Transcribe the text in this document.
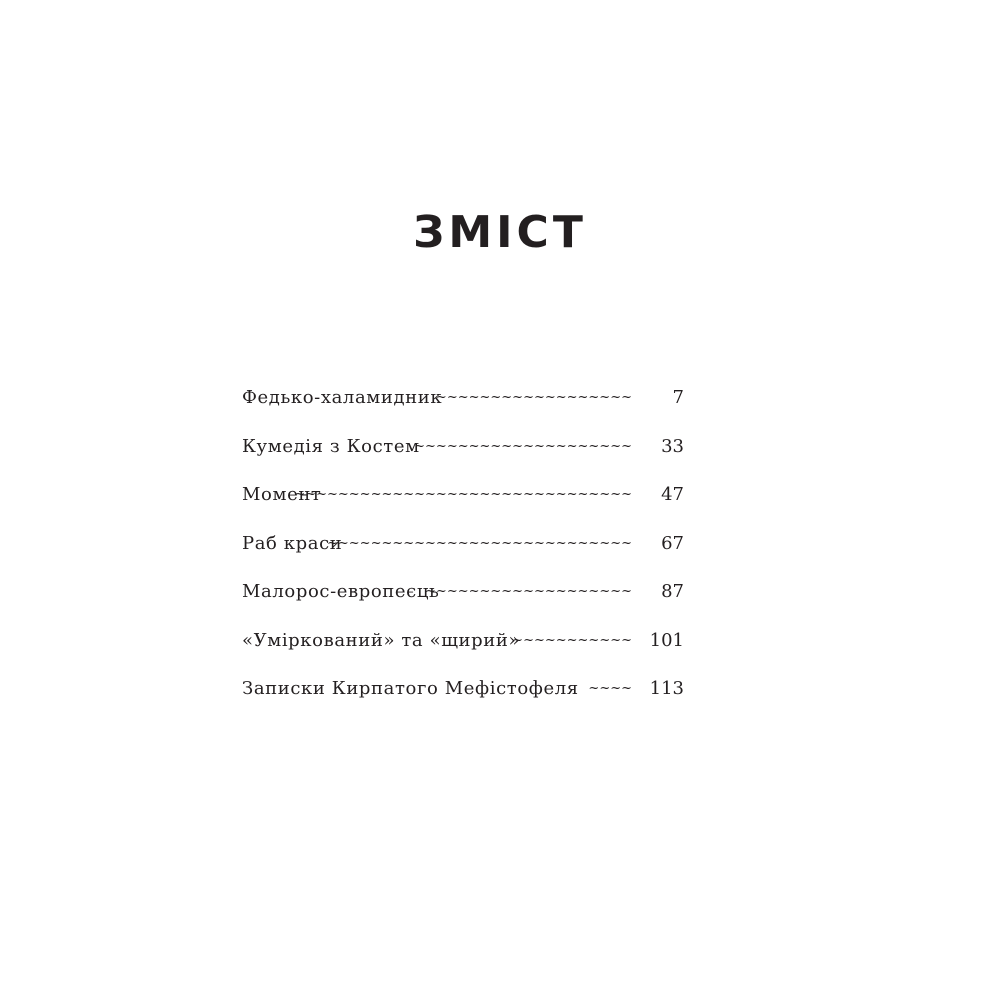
ЗМІСТ
Федько-халамидник
~~~~~~~~~~~~~~~~~~ 7
Кумедія з Костем
~~~~~~~~~~~~~~~~~~~~ 33
Момент
~~~~~~~~~~~~~~~~~~~~~~~~~~~~~~~ 47
Раб краси
~~~~~~~~~~~~~~~~~~~~~~~~~~~~ 67
Малорос-европеєць
~~~~~~~~~~~~~~~~~~~ 87
«Умірковaний» та «щирий»
~~~~~~~~~~~ 101
Записки Кирпатого Мефістофеля ~~~~ 113
